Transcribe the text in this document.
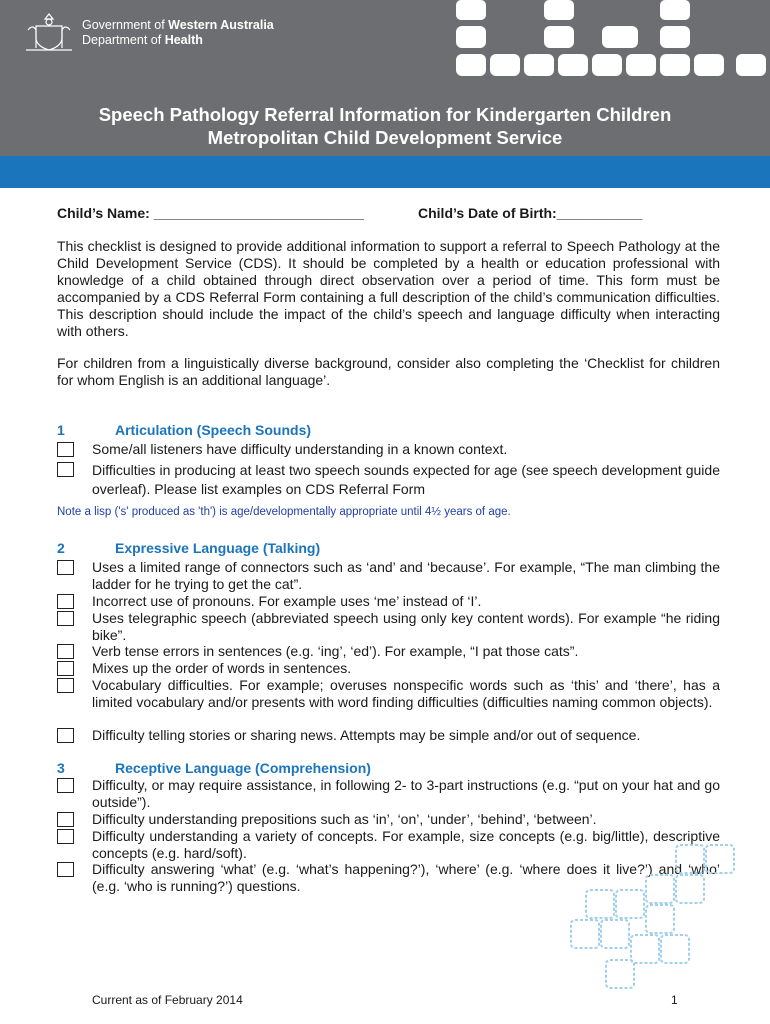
Government of Western Australia
Department of Health
Speech Pathology Referral Information for Kindergarten Children
Metropolitan Child Development Service
Child’s Name: ___________________________	Child’s Date of Birth:___________
This checklist is designed to provide additional information to support a referral to Speech Pathology at the Child Development Service (CDS). It should be completed by a health or education professional with knowledge of a child obtained through direct observation over a period of time. This form must be accompanied by a CDS Referral Form containing a full description of the child’s communication difficulties. This description should include the impact of the child’s speech and language difficulty when interacting with others.
For children from a linguistically diverse background, consider also completing the ‘Checklist for children for whom English is an additional language’.
1	Articulation (Speech Sounds)
Some/all listeners have difficulty understanding in a known context.
Difficulties in producing at least two speech sounds expected for age (see speech development guide overleaf). Please list examples on CDS Referral Form
Note a lisp ('s' produced as 'th') is age/developmentally appropriate until 4½ years of age.
2	Expressive Language (Talking)
Uses a limited range of connectors such as ‘and’ and ‘because’. For example, “The man climbing the ladder for he trying to get the cat”.
Incorrect use of pronouns. For example uses ‘me’ instead of ‘I’.
Uses telegraphic speech (abbreviated speech using only key content words). For example “he riding bike”.
Verb tense errors in sentences (e.g. ‘ing’, ‘ed’). For example, “I pat those cats”.
Mixes up the order of words in sentences.
Vocabulary difficulties. For example; overuses nonspecific words such as ‘this’ and ‘there’, has a limited vocabulary and/or presents with word finding difficulties (difficulties naming common objects).
Difficulty telling stories or sharing news. Attempts may be simple and/or out of sequence.
3	Receptive Language (Comprehension)
Difficulty, or may require assistance, in following 2- to 3-part instructions (e.g. “put on your hat and go outside”).
Difficulty understanding prepositions such as ‘in’, ‘on’, ‘under’, ‘behind’, ‘between’.
Difficulty understanding a variety of concepts. For example, size concepts (e.g. big/little), descriptive concepts (e.g. hard/soft).
Difficulty answering ‘what’ (e.g. ‘what’s happening?’), ‘where’ (e.g. ‘where does it live?’) and ‘who’ (e.g. ‘who is running?’) questions.
Current as of February 2014	1
